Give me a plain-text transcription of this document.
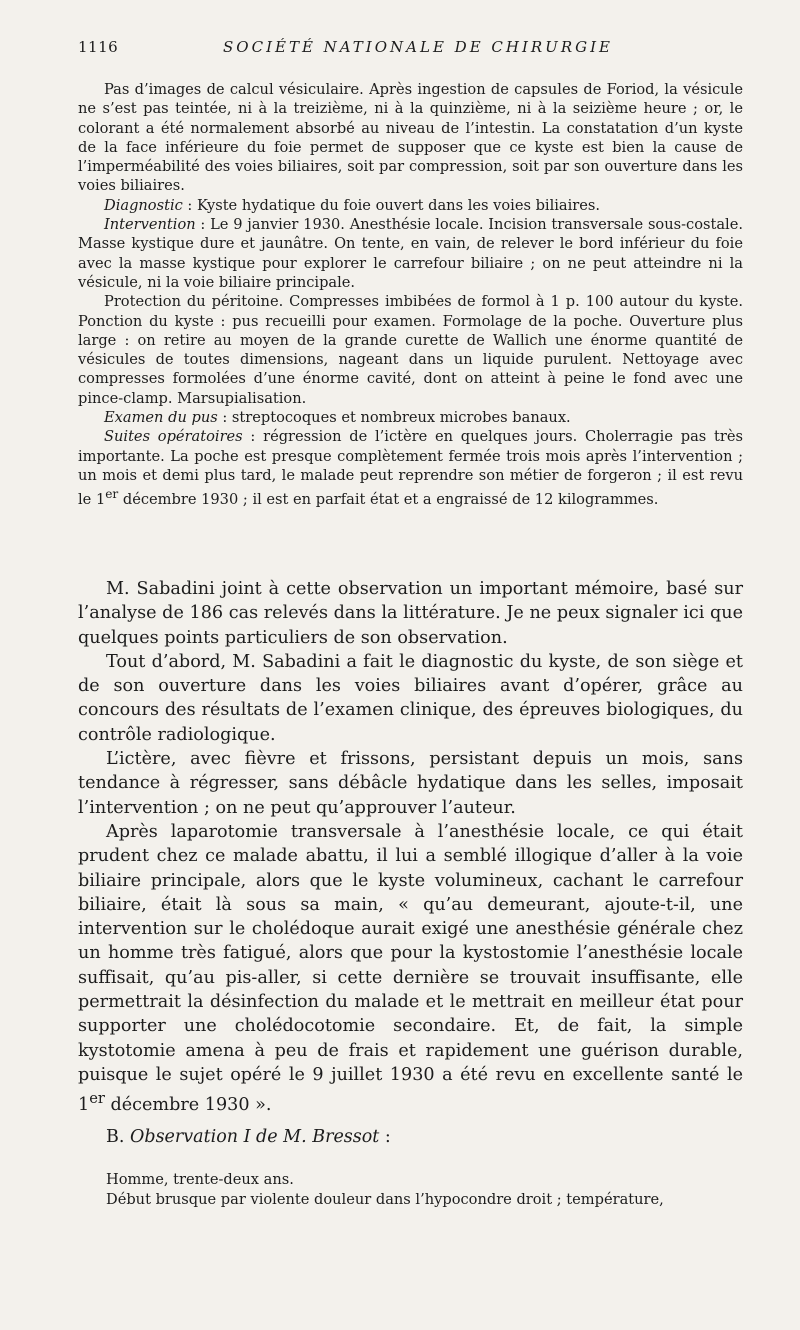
1116	SOCIÉTÉ NATIONALE DE CHIRURGIE

Pas d’images de calcul vésiculaire. Après ingestion de capsules de Foriod, la vésicule ne s’est pas teintée, ni à la treizième, ni à la quinzième, ni à la seizième heure ; or, le colorant a été normalement absorbé au niveau de l’intestin. La constatation d’un kyste de la face inférieure du foie permet de supposer que ce kyste est bien la cause de l’imperméabilité des voies biliaires, soit par compression, soit par son ouverture dans les voies biliaires.

Diagnostic : Kyste hydatique du foie ouvert dans les voies biliaires.

Intervention : Le 9 janvier 1930. Anesthésie locale. Incision transversale sous-costale. Masse kystique dure et jaunâtre. On tente, en vain, de relever le bord inférieur du foie avec la masse kystique pour explorer le carrefour biliaire ; on ne peut atteindre ni la vésicule, ni la voie biliaire principale.

Protection du péritoine. Compresses imbibées de formol à 1 p. 100 autour du kyste. Ponction du kyste : pus recueilli pour examen. Formolage de la poche. Ouverture plus large : on retire au moyen de la grande curette de Wallich une énorme quantité de vésicules de toutes dimensions, nageant dans un liquide purulent. Nettoyage avec compresses formolées d’une énorme cavité, dont on atteint à peine le fond avec une pince-clamp. Marsupialisation.

Examen du pus : streptocoques et nombreux microbes banaux.

Suites opératoires : régression de l’ictère en quelques jours. Cholerragie pas très importante. La poche est presque complètement fermée trois mois après l’intervention ; un mois et demi plus tard, le malade peut reprendre son métier de forgeron ; il est revu le 1er décembre 1930 ; il est en parfait état et a engraissé de 12 kilogrammes.

M. Sabadini joint à cette observation un important mémoire, basé sur l’analyse de 186 cas relevés dans la littérature. Je ne peux signaler ici que quelques points particuliers de son observation.

Tout d’abord, M. Sabadini a fait le diagnostic du kyste, de son siège et de son ouverture dans les voies biliaires avant d’opérer, grâce au concours des résultats de l’examen clinique, des épreuves biologiques, du contrôle radiologique.

L’ictère, avec fièvre et frissons, persistant depuis un mois, sans tendance à régresser, sans débâcle hydatique dans les selles, imposait l’intervention ; on ne peut qu’approuver l’auteur.

Après laparotomie transversale à l’anesthésie locale, ce qui était prudent chez ce malade abattu, il lui a semblé illogique d’aller à la voie biliaire principale, alors que le kyste volumineux, cachant le carrefour biliaire, était là sous sa main, « qu’au demeurant, ajoute-t-il, une intervention sur le cholédoque aurait exigé une anesthésie générale chez un homme très fatigué, alors que pour la kystostomie l’anesthésie locale suffisait, qu’au pis-aller, si cette dernière se trouvait insuffisante, elle permettrait la désinfection du malade et le mettrait en meilleur état pour supporter une cholédocotomie secondaire. Et, de fait, la simple kystotomie amena à peu de frais et rapidement une guérison durable, puisque le sujet opéré le 9 juillet 1930 a été revu en excellente santé le 1er décembre 1930 ».

B. Observation I de M. Bressot :

Homme, trente-deux ans.

Début brusque par violente douleur dans l’hypocondre droit ; température,
